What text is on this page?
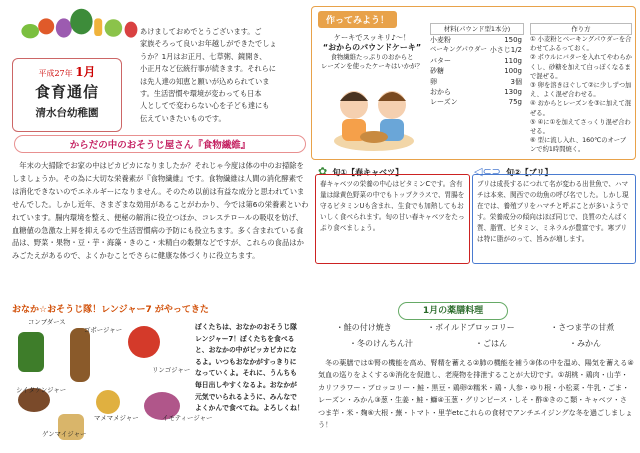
平成27年 1月
食育通信
清水台幼稚園
あけましておめでとうございます。ご
家族そろって良いお年越しができたでしょ
うか？1月はお正月、七草粥、鏡開き、
小正月など伝統行事が続きます。それらに
は先人達の知恵と願いが込められていま
す。生活習慣や環境が変わっても日本
人としてで変わらない心を子ども達にも
伝えていきたいものです。
作ってみよう！
ケーキでスッキリ♪～！
“おからのパウンドケーキ”
食物繊維たっぷりのおからと
レーズンを使ったケーキはいかが？
材料(パウンド型1本分)
小麦粉	150g
ベーキングパウダー 小さじ1/2
バター	110g
砂糖	100g
卵	3個
おから	130g
レーズン	75g
作り方
① 小麦粉とベーキングパウダーを合わせてふるっておく。
② ボウルにバターを入れてやわらかくし、砂糖を加えて白っぽくなるまで混ぜる。
③ 卵を溶きほぐして②に少しずつ加え、よく混ぜ合わせる。
④ おからとレーズンを③に加えて混ぜる。
⑤ ④に①を加えてさっくり混ぜ合わせる。
⑥ 型に流し入れ、160℃のオーブンで約1時間焼く。
からだの中のおそうじ屋さん『食物繊維』
年末の大掃除でお家の中はピカピカになりましたか？それじゃ今度は体の中のお掃除をしましょうか。その為に大切な栄養素が『食物繊維』です。食物繊維は人間の消化酵素では消化できないのでエネルギーになりません。そのため以前は有益な成分と思われていませんでした。しかし近年、さまざまな効用があることがわかり、今では第6の栄養素といわれています。腸内環境を整え、便秘の解消に役立つほか、コレステロールの吸収を妨げ、血糖値の急激な上昇を抑えるので生活習慣病の予防にも役立ちます。多く含まれている食品は、野菜・果物・豆・芋・海藻・きのこ・未精白の穀類などですが、これらの食品はかみごたえがあるので、よくかむことでさらに健康な体づくりに役立ちます。
✿ 旬①【春キャベツ】	◁⊂⊃ 旬②【ブリ】
春キャベツの栄養の中心はビタミンCです。含有量は緑黄色野菜の中でもトップクラスで、胃腸を守るビタミンUも含まれ、生食でも加熱してもおいしく食べられます。旬の甘い春キャベツをたっぷり食べましょう。
ブリは成長するにつれて名が変わる出世魚で、ハマチは本来、関西での幼魚の呼び名でした。しかし現在では、養殖ブリをハマチと呼ぶことが多いようです。栄養成分の傾向はほぼ同じで、良質のたんぱく質、脂質、ビタミン、ミネラルが豊富です。寒ブリは特に脂がのって、旨みが増します。
おなか☆おそうじ隊！レンジャー7 がやってきた
コンブダース
ゴボージャー
リンゴジャー
シイタケンジャー
マメマメジャー	イモティージャー
ゲンマイジャー
ぼくたちは、おなかのおそうじ隊
レンジャー7！ぼくたちを食べる
と、おなかの中がピッカピカにな
るよ。いつもおなかがすっきりに
なっていくよ。それに、うんちも
毎日出しやすくなるよ。おなかが
元気でいられるように、みんなで
よくかんで食べてね。よろしくね！
1月の薬膳料理
・鮭の付け焼き	・ボイルドブロッコリー	・さつま芋の甘煮
・冬のけんちん汁	・ごはん	・みかん
冬の薬膳では①腎の機能を高め、腎精を蓄える②肺の機能を補う③体の中を温め、陽気を蓄える④気血の巡りをよくする⑤消化を促進し、老廃物を排泄することが大切です。①胡桃・鶏肉・山芋・カリフラワー・ブロッコリー・鮭・黒豆・鶏卵②糯米・鶏・人参・ゆり根・小松菜・牛乳・ごま・レーズン・みかん③葱・生姜・鮭・鰤④玉葱・グリンピース・しそ・酢⑤きのこ類・キャベツ・さつま芋・米・麹⑥大根・蕪・トマト・里芋etcこれらの食材でアンチエイジングな冬を過ごしましょう！
